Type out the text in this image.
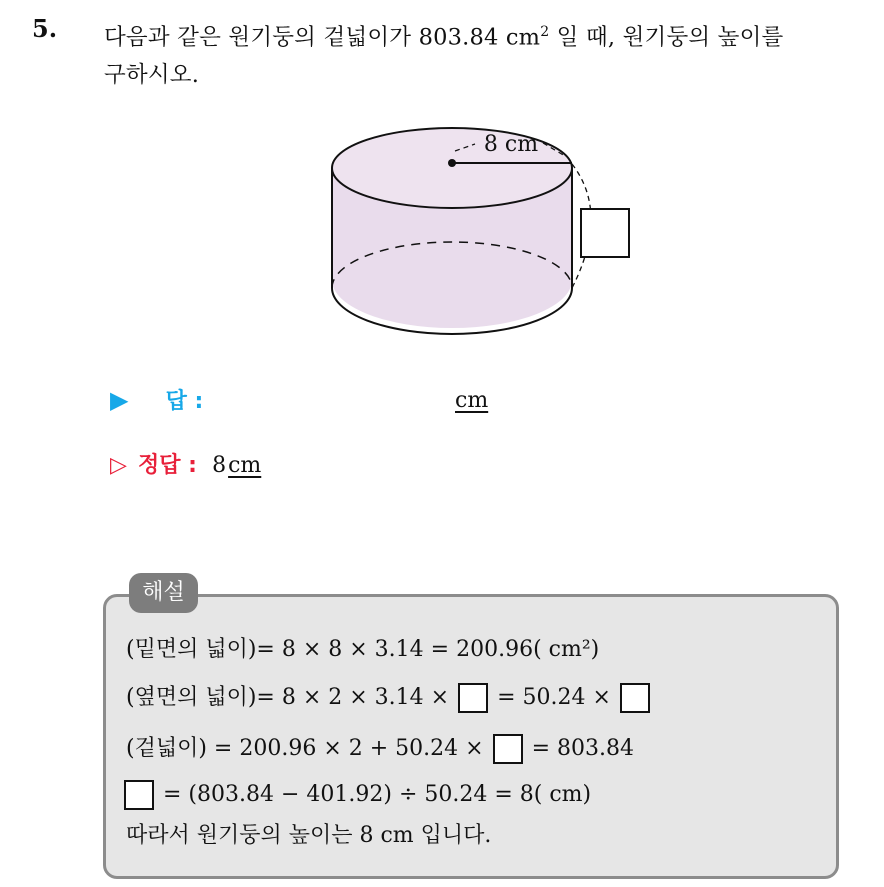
5. 다음과 같은 원기둥의 겉넓이가 803.84 $cm^2$ 일 때, 원기둥의 높이를
구하시오.
8 cm
▶ 답 :	cm
▷ 정답 : 8cm
해설
(밑면의 넓이)= 8 × 8 × 3.14 = 200.96( cm²)
(옆면의 넓이)= 8 × 2 × 3.14 × = 50.24 ×
(겉넓이) = 200.96 × 2 + 50.24 × = 803.84
= (803.84 − 401.92) ÷ 50.24 = 8( cm)
따라서 원기둥의 높이는 8 cm 입니다.
